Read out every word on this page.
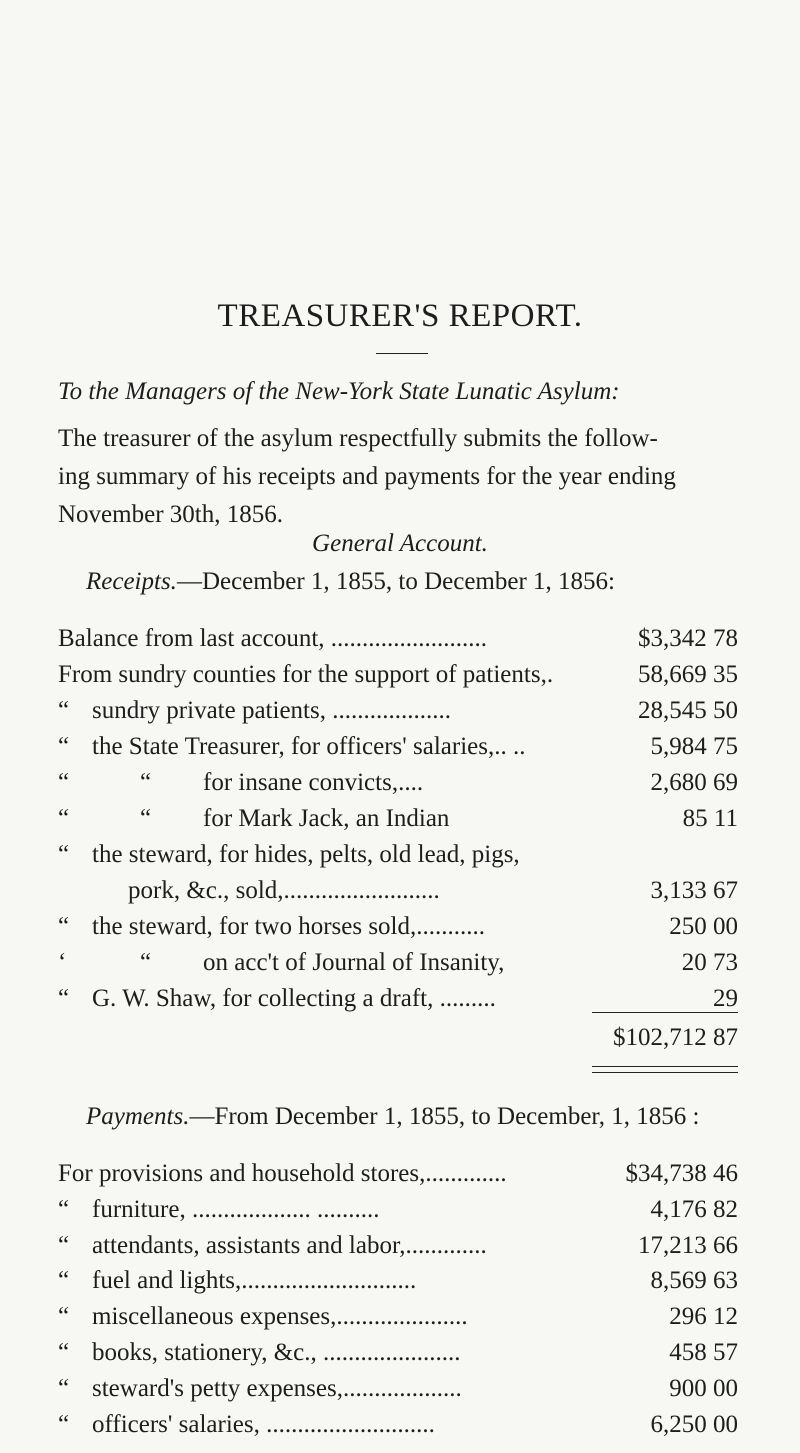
TREASURER'S REPORT.
To the Managers of the New-York State Lunatic Asylum:
The treasurer of the asylum respectfully submits the follow-
ing summary of his receipts and payments for the year ending
November 30th, 1856.
General Account.
Receipts.—December 1, 1855, to December 1, 1856:
Balance from last account, .........................	$3,342 78
From sundry counties for the support of patients,.	58,669 35
“ sundry private patients, ...................	28,545 50
“ the State Treasurer, for officers' salaries,.. ..	5,984 75
“	“ for insane convicts,....	2,680 69
“	“ for Mark Jack, an Indian	85 11
“ the steward, for hides, pelts, old lead, pigs,
pork, &c., sold,.........................	3,133 67
“ the steward, for two horses sold,...........	250 00
‘	“ on acc't of Journal of Insanity,	20 73
“ G. W. Shaw, for collecting a draft, .........	29
$102,712 87
Payments.—From December 1, 1855, to December, 1, 1856 :
For provisions and household stores,.............	$34,738 46
“ furniture, ................... ..........	4,176 82
“ attendants, assistants and labor,.............	17,213 66
“ fuel and lights,............................	8,569 63
“ miscellaneous expenses,.....................	296 12
“ books, stationery, &c., ......................	458 57
“ steward's petty expenses,...................	900 00
“ officers' salaries, ...........................	6,250 00
